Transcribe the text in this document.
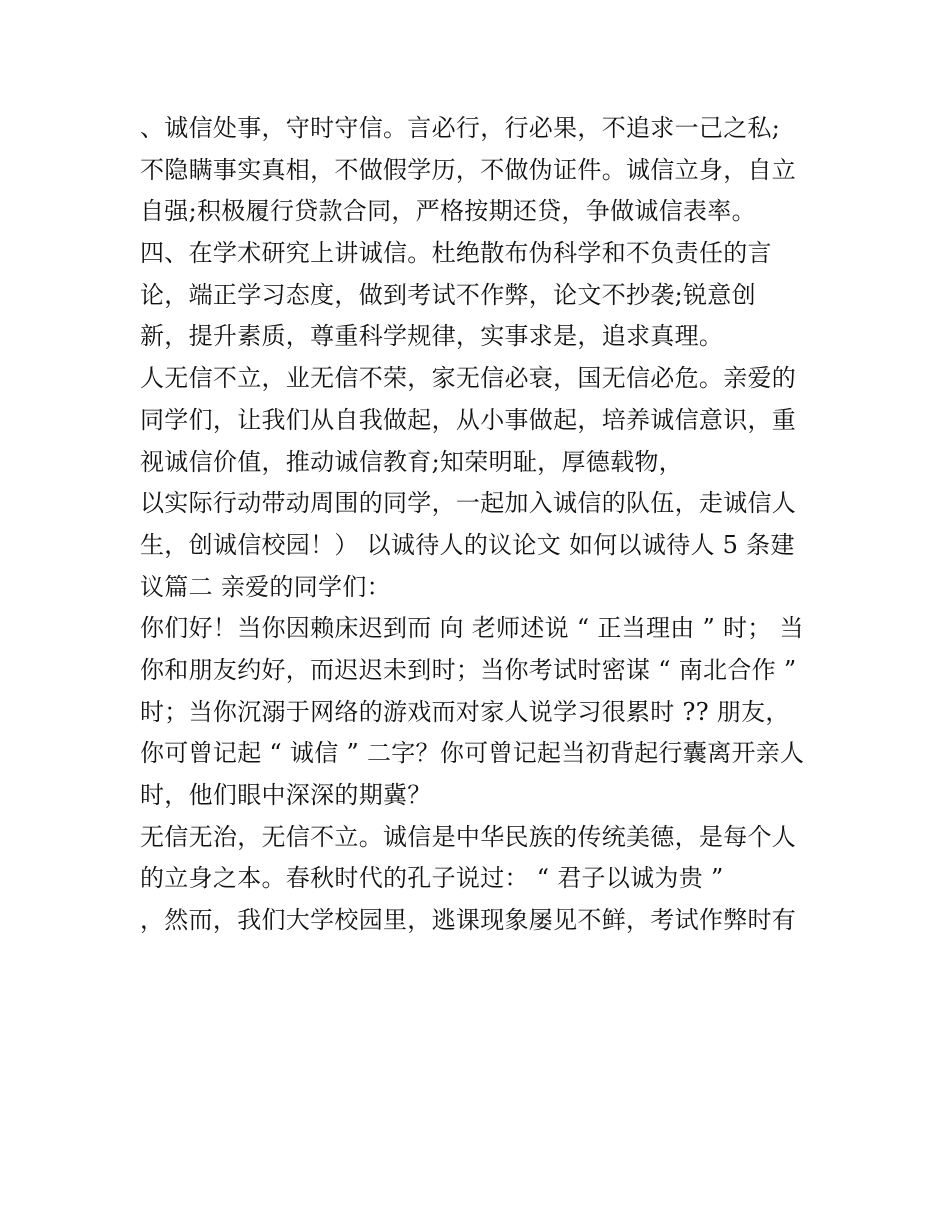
、诚信处事，守时守信。言必行，行必果，不追求一己之私;
不隐瞒事实真相，不做假学历，不做伪证件。诚信立身，自立
自强;积极履行贷款合同，严格按期还贷，争做诚信表率。
四、在学术研究上讲诚信。杜绝散布伪科学和不负责任的言
论，端正学习态度，做到考试不作弊，论文不抄袭;锐意创
新，提升素质，尊重科学规律，实事求是，追求真理。
人无信不立，业无信不荣，家无信必衰，国无信必危。亲爱的
同学们，让我们从自我做起，从小事做起，培养诚信意识，重
视诚信价值，推动诚信教育;知荣明耻，厚德载物，
以实际行动带动周围的同学，一起加入诚信的队伍，走诚信人
生，创诚信校园！） 以诚待人的议论文 如何以诚待人 5 条建
议篇二 亲爱的同学们：
你们好！当你因赖床迟到而 向 老师述说 “ 正当理由 ” 时； 当
你和朋友约好，而迟迟未到时；当你考试时密谋 “ 南北合作 ”
时；当你沉溺于网络的游戏而对家人说学习很累时 ?? 朋友，
你可曾记起 “ 诚信 ” 二字？你可曾记起当初背起行囊离开亲人
时，他们眼中深深的期冀？
无信无治，无信不立。诚信是中华民族的传统美德，是每个人
的立身之本。春秋时代的孔子说过： “ 君子以诚为贵 ”
，然而，我们大学校园里，逃课现象屡见不鲜，考试作弊时有
